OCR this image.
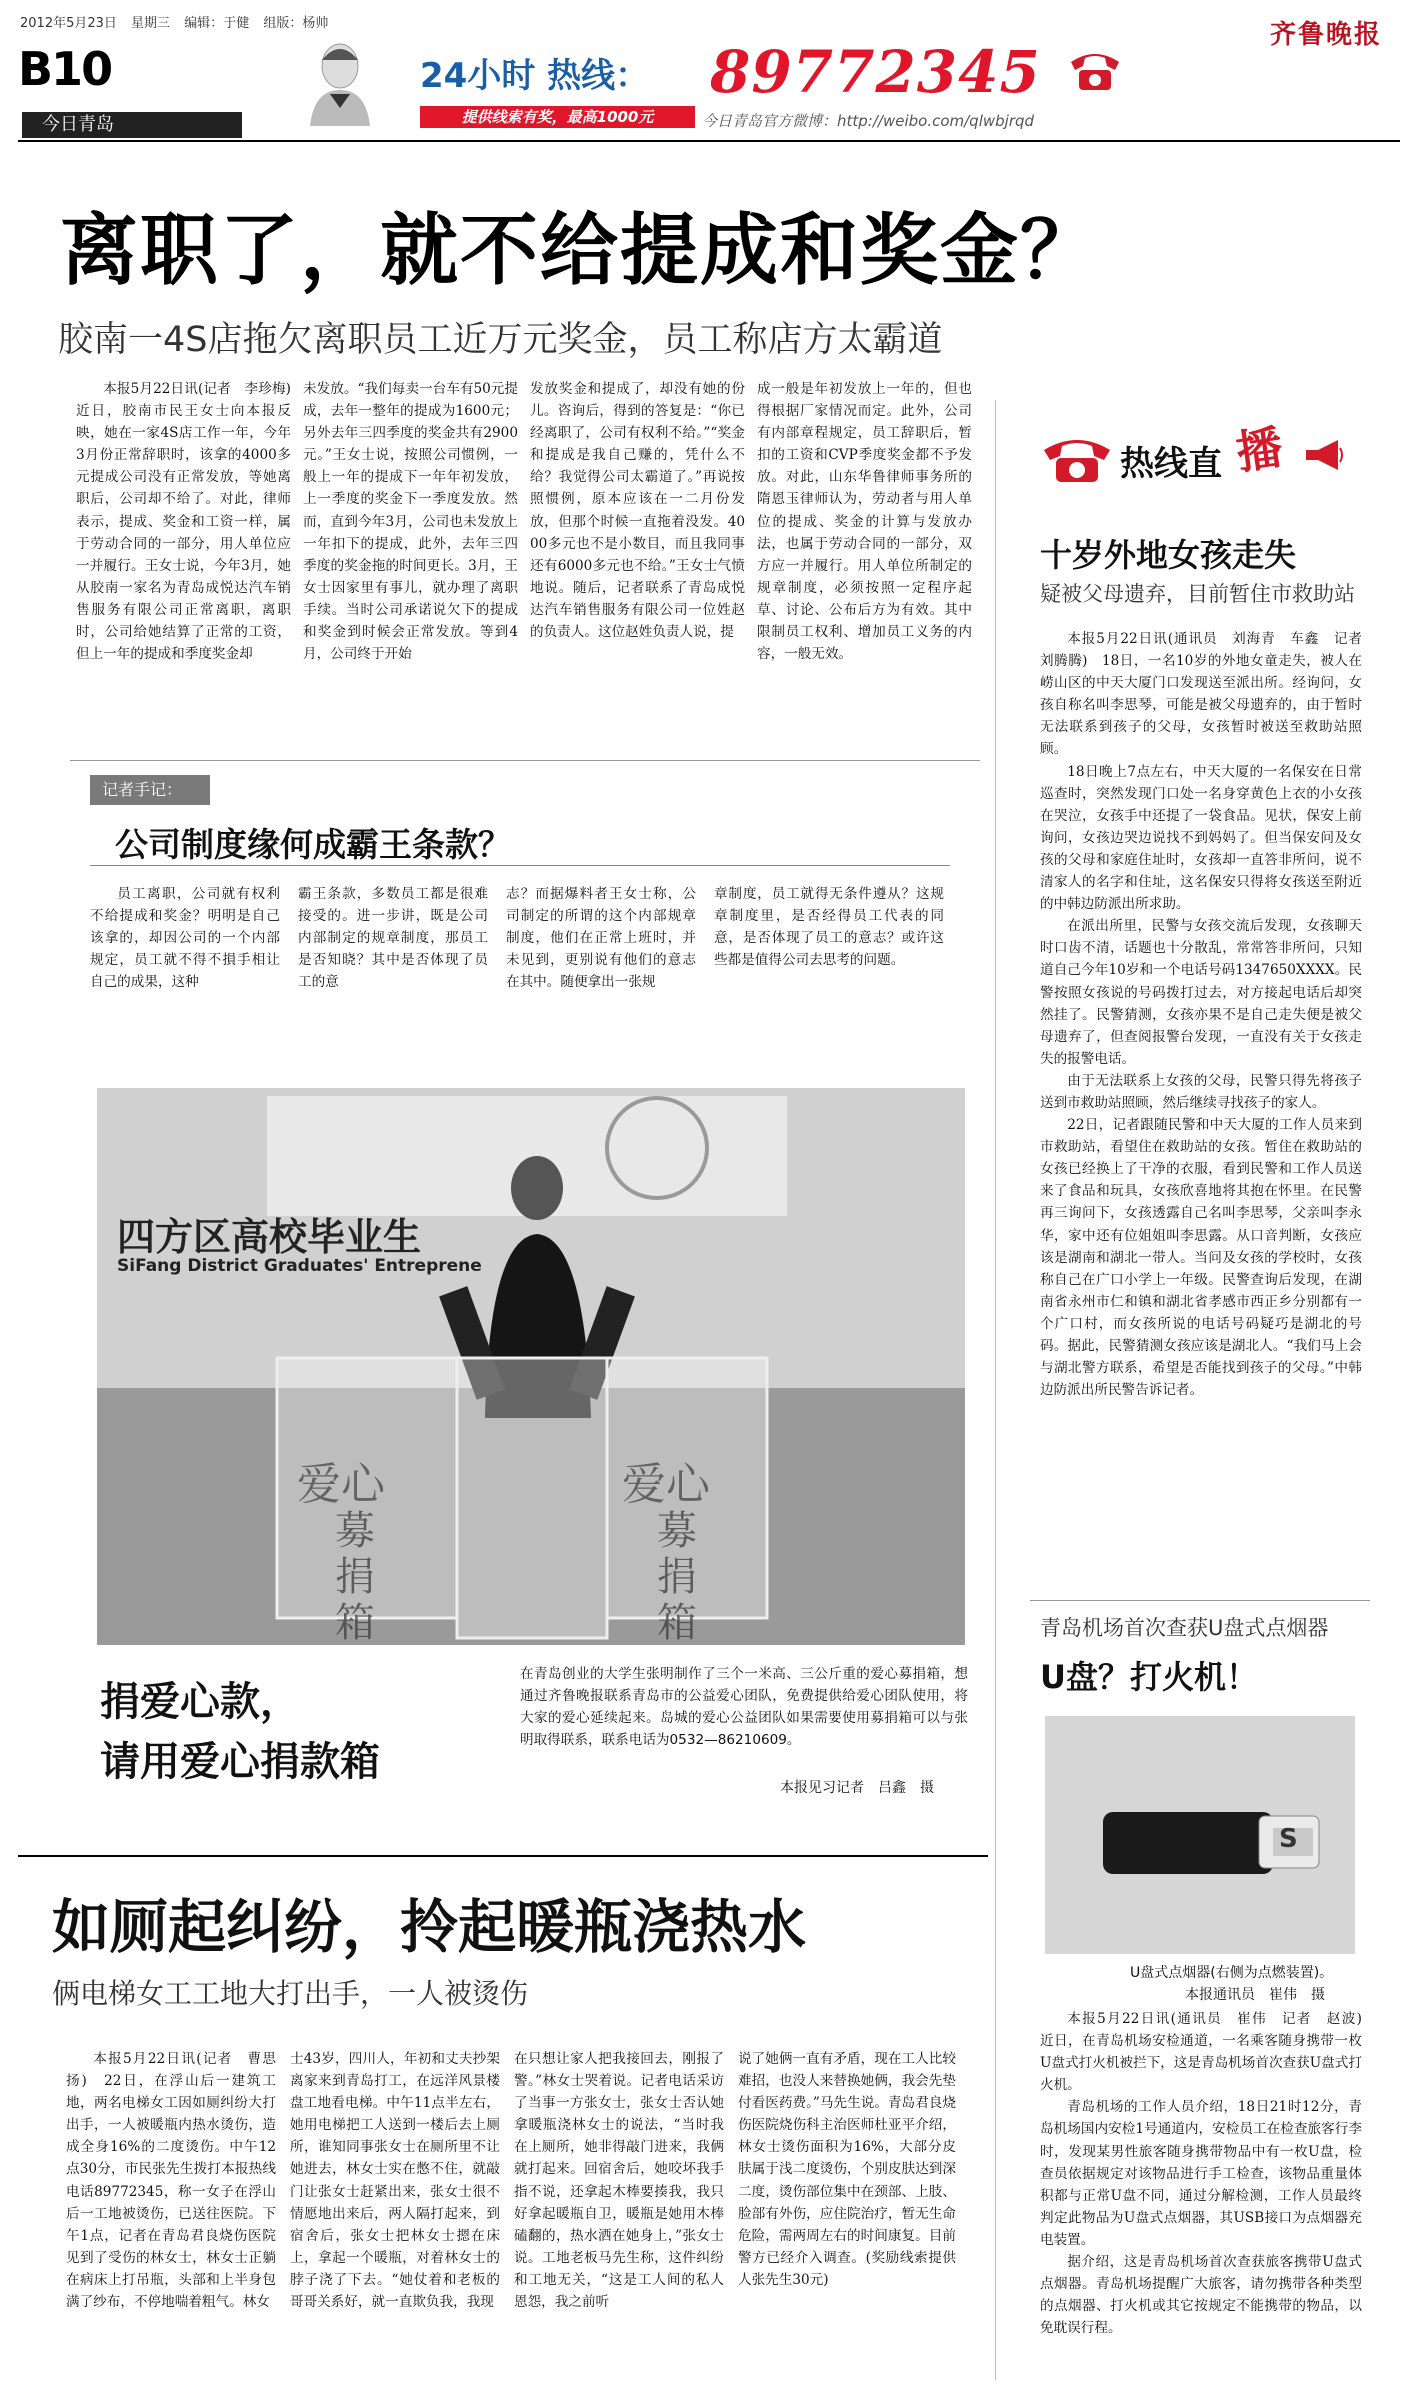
2012年5月23日 星期三 编辑：于健 组版：杨帅
B10
今日青岛
24小时 热线： 89772345
提供线索有奖，最高1000元	今日青岛官方微博：http://weibo.com/qlwbjrqd
齐鲁晚报
离职了，就不给提成和奖金？
胶南一4S店拖欠离职员工近万元奖金，员工称店方太霸道
本报5月22日讯(记者　李珍梅)　近日，胶南市民王女士向本报反映，她在一家4S店工作一年，今年3月份正常辞职时，该拿的4000多元提成公司没有正常发放，等她离职后，公司却不给了。对此，律师表示，提成、奖金和工资一样，属于劳动合同的一部分，用人单位应一并履行。王女士说，今年3月，她从胶南一家名为青岛成悦达汽车销售服务有限公司正常离职，离职时，公司给她结算了正常的工资，但上一年的提成和季度奖金却
未发放。“我们每卖一台车有50元提成，去年一整年的提成为1600元；另外去年三四季度的奖金共有2900元。”王女士说，按照公司惯例，一般上一年的提成下一年年初发放，上一季度的奖金下一季度发放。然而，直到今年3月，公司也未发放上一年扣下的提成，此外，去年三四季度的奖金拖的时间更长。3月，王女士因家里有事儿，就办理了离职手续。当时公司承诺说欠下的提成和奖金到时候会正常发放。等到4月，公司终于开始
发放奖金和提成了，却没有她的份儿。咨询后，得到的答复是：“你已经离职了，公司有权利不给。”“奖金和提成是我自己赚的，凭什么不给？我觉得公司太霸道了。”再说按照惯例，原本应该在一二月份发放，但那个时候一直拖着没发。4000多元也不是小数目，而且我同事还有6000多元也不给。”王女士气愤地说。随后，记者联系了青岛成悦达汽车销售服务有限公司一位姓赵的负责人。这位赵姓负责人说，提
成一般是年初发放上一年的，但也得根据厂家情况而定。此外，公司有内部章程规定，员工辞职后，暂扣的工资和CVP季度奖金都不予发放。对此，山东华鲁律师事务所的隋恩玉律师认为，劳动者与用人单位的提成、奖金的计算与发放办法，也属于劳动合同的一部分，双方应一并履行。用人单位所制定的规章制度，必须按照一定程序起草、讨论、公布后方为有效。其中限制员工权利、增加员工义务的内容，一般无效。
记者手记：
公司制度缘何成霸王条款？
员工离职，公司就有权利不给提成和奖金？明明是自己该拿的，却因公司的一个内部规定，员工就不得不損手相让自己的成果，这种
霸王条款，多数员工都是很难接受的。进一步讲，既是公司内部制定的规章制度，那员工是否知晓？其中是否体现了员工的意
志？而据爆料者王女士称，公司制定的所谓的这个内部规章制度，他们在正常上班时，并未见到，更别说有他们的意志在其中。随便拿出一张规
章制度，员工就得无条件遵从？这规章制度里，是否经得员工代表的同意，是否体现了员工的意志？或许这些都是值得公司去思考的问题。
四方区高校毕业生
SiFang District Graduates' Entreprene
爱心
募
捐
箱
爱心
募
捐
箱
捐爱心款，
请用爱心捐款箱
在青岛创业的大学生张明制作了三个一米高、三公斤重的爱心募捐箱，想通过齐鲁晚报联系青岛市的公益爱心团队，免费提供给爱心团队使用，将大家的爱心延续起来。岛城的爱心公益团队如果需要使用募捐箱可以与张明取得联系，联系电话为0532—86210609。
本报见习记者　吕鑫　摄
如厕起纠纷，拎起暖瓶浇热水
俩电梯女工工地大打出手，一人被烫伤
本报5月22日讯(记者　曹思扬)　22日，在浮山后一建筑工地，两名电梯女工因如厕纠纷大打出手，一人被暖瓶内热水烫伤，造成全身16%的二度烫伤。中午12点30分，市民张先生拨打本报热线电话89772345，称一女子在浮山后一工地被烫伤，已送往医院。下午1点，记者在青岛君良烧伤医院见到了受伤的林女士，林女士正躺在病床上打吊瓶，头部和上半身包满了纱布，不停地喘着粗气。林女
士43岁，四川人，年初和丈夫抄架离家来到青岛打工，在远洋风景楼盘工地看电梯。中午11点半左右，她用电梯把工人送到一楼后去上厕所，谁知同事张女士在厕所里不让她进去，林女士实在憋不住，就敲门让张女士赶紧出来，张女士很不情愿地出来后，两人隔打起来，到宿舍后，张女士把林女士摁在床上，拿起一个暖瓶，对着林女士的脖子浇了下去。“她仗着和老板的哥哥关系好，就一直欺负我，我现
在只想让家人把我接回去，刚报了警。”林女士哭着说。记者电话采访了当事一方张女士，张女士否认她拿暖瓶浇林女士的说法，“当时我在上厕所，她非得敲门进来，我俩就打起来。回宿舍后，她咬坏我手指不说，还拿起木棒要揍我，我只好拿起暖瓶自卫，暖瓶是她用木棒磕翻的，热水洒在她身上，”张女士说。工地老板马先生称，这件纠纷和工地无关，“这是工人间的私人恩怨，我之前听
说了她俩一直有矛盾，现在工人比较难招，也没人来替换她俩，我会先垫付看医药费。”马先生说。青岛君良烧伤医院烧伤科主治医师杜亚平介绍，林女士烫伤面积为16%，大部分皮肤属于浅二度烫伤，个别皮肤达到深二度，烫伤部位集中在颈部、上肢、脸部有外伤，应住院治疗，暂无生命危险，需两周左右的时间康复。目前警方已经介入调查。(奖励线索提供人张先生30元)
热线直 播
十岁外地女孩走失
疑被父母遗弃，目前暂住市救助站

本报5月22日讯(通讯员　刘海青　车鑫　记者　刘腾腾)　18日，一名10岁的外地女童走失，被人在崂山区的中天大厦门口发现送至派出所。经询问，女孩自称名叫李思琴，可能是被父母遗弃的，由于暂时无法联系到孩子的父母，女孩暂时被送至救助站照顾。

18日晚上7点左右，中天大厦的一名保安在日常巡查时，突然发现门口处一名身穿黄色上衣的小女孩在哭泣，女孩手中还提了一袋食品。见状，保安上前询问，女孩边哭边说找不到妈妈了。但当保安问及女孩的父母和家庭住址时，女孩却一直答非所问，说不清家人的名字和住址，这名保安只得将女孩送至附近的中韩边防派出所求助。

在派出所里，民警与女孩交流后发现，女孩聊天时口齿不清，话题也十分散乱，常常答非所问，只知道自己今年10岁和一个电话号码1347650XXXX。民警按照女孩说的号码拨打过去，对方接起电话后却突然挂了。民警猜测，女孩亦果不是自己走失便是被父母遗弃了，但查阅报警台发现，一直没有关于女孩走失的报警电话。

由于无法联系上女孩的父母，民警只得先将孩子送到市救助站照顾，然后继续寻找孩子的家人。

22日，记者跟随民警和中天大厦的工作人员来到市救助站，看望住在救助站的女孩。暂住在救助站的女孩已经换上了干净的衣服，看到民警和工作人员送来了食品和玩具，女孩欣喜地将其抱在怀里。在民警再三询问下，女孩透露自己名叫李思琴，父亲叫李永华，家中还有位姐姐叫李思露。从口音判断，女孩应该是湖南和湖北一带人。当问及女孩的学校时，女孩称自己在广口小学上一年级。民警查询后发现，在湖南省永州市仁和镇和湖北省孝感市西正乡分别都有一个广口村，而女孩所说的电话号码疑巧是湖北的号码。据此，民警猜测女孩应该是湖北人。“我们马上会与湖北警方联系，希望是否能找到孩子的父母。”中韩边防派出所民警告诉记者。

青岛机场首次查获U盘式点烟器
U盘？打火机！
S
U盘式点烟器(右侧为点燃装置)。
本报通讯员　崔伟　摄

本报5月22日讯(通讯员　崔伟　记者　赵波)　近日，在青岛机场安检通道，一名乘客随身携带一枚U盘式打火机被拦下，这是青岛机场首次查获U盘式打火机。

青岛机场的工作人员介绍，18日21时12分，青岛机场国内安检1号通道内，安检员工在检查旅客行李时，发现某男性旅客随身携带物品中有一枚U盘，检查员依据规定对该物品进行手工检查，该物品重量体积都与正常U盘不同，通过分解检测，工作人员最终判定此物品为U盘式点烟器，其USB接口为点烟器充电装置。

据介绍，这是青岛机场首次查获旅客携带U盘式点烟器。青岛机场提醒广大旅客，请勿携带各种类型的点烟器、打火机或其它按规定不能携带的物品，以免耽误行程。
